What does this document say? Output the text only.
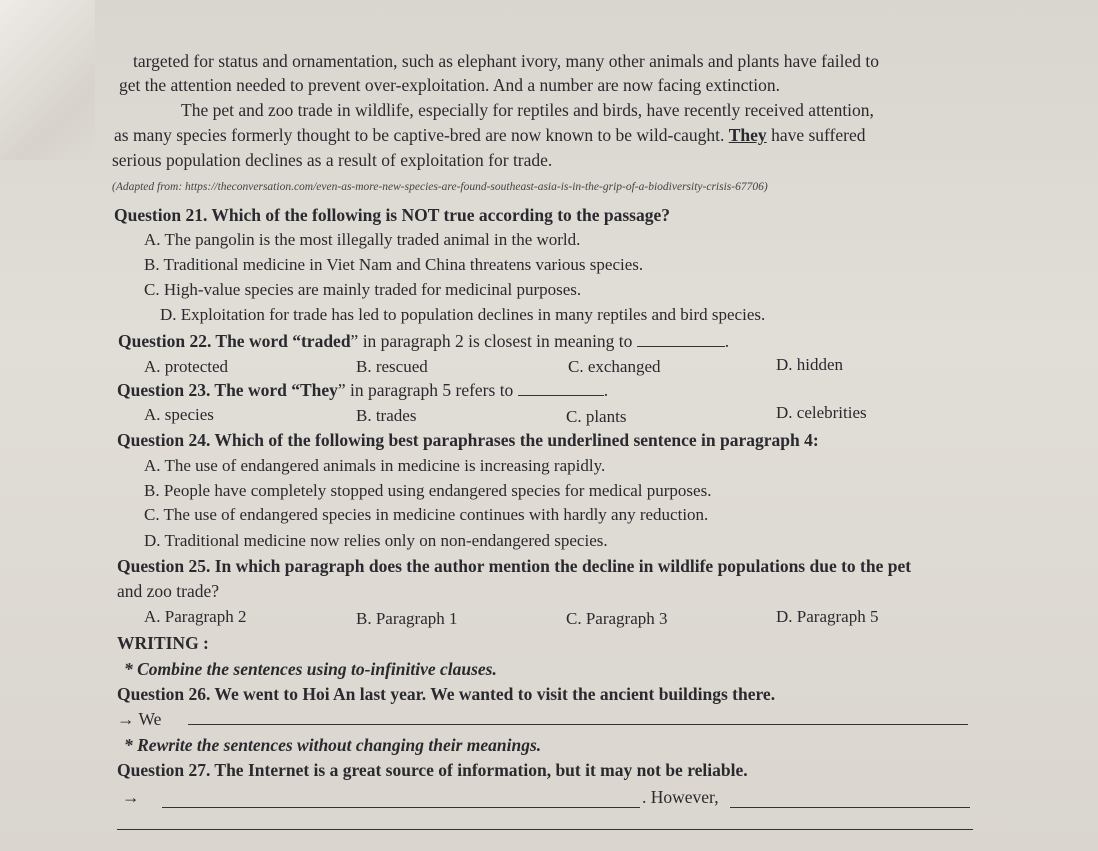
targeted for status and ornamentation, such as elephant ivory, many other animals and plants have failed to
get the attention needed to prevent over-exploitation. And a number are now facing extinction.
The pet and zoo trade in wildlife, especially for reptiles and birds, have recently received attention,
as many species formerly thought to be captive-bred are now known to be wild-caught. They have suffered
serious population declines as a result of exploitation for trade.
(Adapted from: https://theconversation.com/even-as-more-new-species-are-found-southeast-asia-is-in-the-grip-of-a-biodiversity-crisis-67706)
Question 21. Which of the following is NOT true according to the passage?
A. The pangolin is the most illegally traded animal in the world.
B. Traditional medicine in Viet Nam and China threatens various species.
C. High-value species are mainly traded for medicinal purposes.
D. Exploitation for trade has led to population declines in many reptiles and bird species.
Question 22. The word “traded” in paragraph 2 is closest in meaning to	.
A. protected	B. rescued	C. exchanged	D. hidden
Question 23. The word “They” in paragraph 5 refers to	.
A. species	B. trades	C. plants	D. celebrities
Question 24. Which of the following best paraphrases the underlined sentence in paragraph 4:
A. The use of endangered animals in medicine is increasing rapidly.
B. People have completely stopped using endangered species for medical purposes.
C. The use of endangered species in medicine continues with hardly any reduction.
D. Traditional medicine now relies only on non-endangered species.
Question 25. In which paragraph does the author mention the decline in wildlife populations due to the pet
and zoo trade?
A. Paragraph 2	B. Paragraph 1	C. Paragraph 3	D. Paragraph 5
WRITING :
* Combine the sentences using to-infinitive clauses.
Question 26. We went to Hoi An last year. We wanted to visit the ancient buildings there.
→ We
* Rewrite the sentences without changing their meanings.
Question 27. The Internet is a great source of information, but it may not be reliable.
→	. However,
